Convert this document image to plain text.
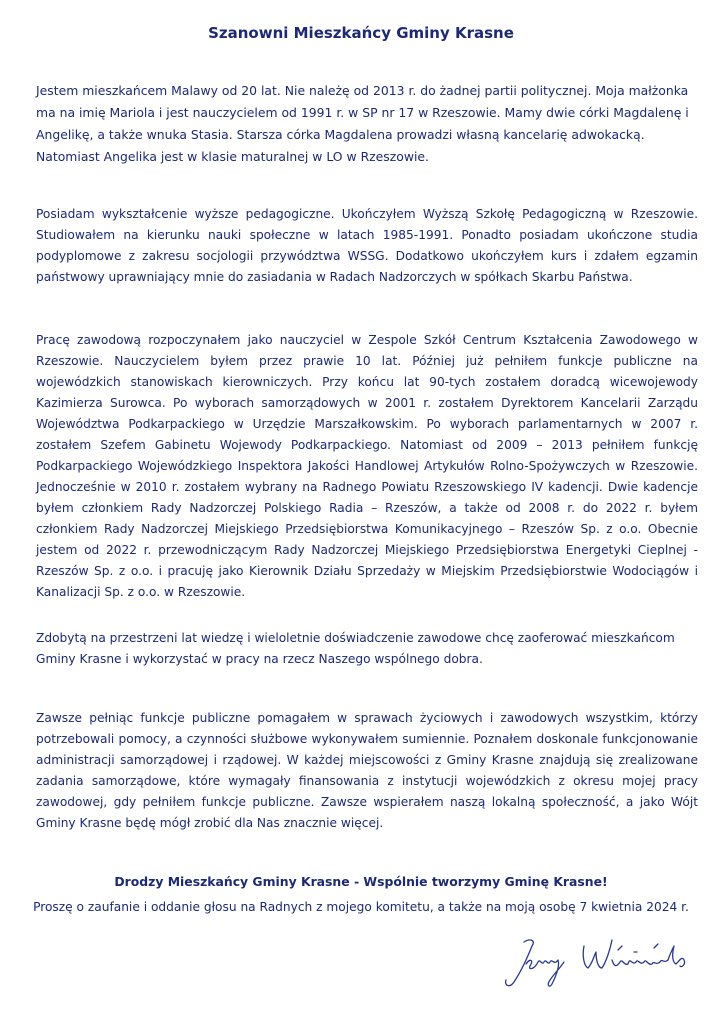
Szanowni Mieszkańcy Gminy Krasne

Jestem mieszkańcem Malawy od 20 lat. Nie należę od 2013 r. do żadnej partii politycznej. Moja małżonka ma na imię Mariola i jest nauczycielem od 1991 r. w SP nr 17 w Rzeszowie. Mamy dwie córki Magdalenę i Angelikę, a także wnuka Stasia. Starsza córka Magdalena prowadzi własną kancelarię adwokacką. Natomiast Angelika jest w klasie maturalnej w LO w Rzeszowie.

Posiadam wykształcenie wyższe pedagogiczne. Ukończyłem Wyższą Szkołę Pedagogiczną w Rzeszowie. Studiowałem na kierunku nauki społeczne w latach 1985-1991. Ponadto posiadam ukończone studia podyplomowe z zakresu socjologii przywództwa WSSG. Dodatkowo ukończyłem kurs i zdałem egzamin państwowy uprawniający mnie do zasiadania w Radach Nadzorczych w spółkach Skarbu Państwa.

Pracę zawodową rozpoczynałem jako nauczyciel w Zespole Szkół Centrum Kształcenia Zawodowego w Rzeszowie. Nauczycielem byłem przez prawie 10 lat. Później już pełniłem funkcje publiczne na wojewódzkich stanowiskach kierowniczych. Przy końcu lat 90-tych zostałem doradcą wicewojewody Kazimierza Surowca. Po wyborach samorządowych w 2001 r. zostałem Dyrektorem Kancelarii Zarządu Województwa Podkarpackiego w Urzędzie Marszałkowskim. Po wyborach parlamentarnych w 2007 r. zostałem Szefem Gabinetu Wojewody Podkarpackiego. Natomiast od 2009 – 2013 pełniłem funkcję Podkarpackiego Wojewódzkiego Inspektora Jakości Handlowej Artykułów Rolno-Spożywczych w Rzeszowie. Jednocześnie w 2010 r. zostałem wybrany na Radnego Powiatu Rzeszowskiego IV kadencji. Dwie kadencje byłem członkiem Rady Nadzorczej Polskiego Radia – Rzeszów, a także od 2008 r. do 2022 r. byłem członkiem Rady Nadzorczej Miejskiego Przedsiębiorstwa Komunikacyjnego – Rzeszów Sp. z o.o. Obecnie jestem od 2022 r. przewodniczącym Rady Nadzorczej Miejskiego Przedsiębiorstwa Energetyki Cieplnej - Rzeszów Sp. z o.o. i pracuję jako Kierownik Działu Sprzedaży w Miejskim Przedsiębiorstwie Wodociągów i Kanalizacji Sp. z o.o. w Rzeszowie.

Zdobytą na przestrzeni lat wiedzę i wieloletnie doświadczenie zawodowe chcę zaoferować mieszkańcom Gminy Krasne i wykorzystać w pracy na rzecz Naszego wspólnego dobra.

Zawsze pełniąc funkcje publiczne pomagałem w sprawach życiowych i zawodowych wszystkim, którzy potrzebowali pomocy, a czynności służbowe wykonywałem sumiennie. Poznałem doskonale funkcjonowanie administracji samorządowej i rządowej. W każdej miejscowości z Gminy Krasne znajdują się zrealizowane zadania samorządowe, które wymagały finansowania z instytucji wojewódzkich z okresu mojej pracy zawodowej, gdy pełniłem funkcje publiczne. Zawsze wspierałem naszą lokalną społeczność, a jako Wójt Gminy Krasne będę mógł zrobić dla Nas znacznie więcej.

Drodzy Mieszkańcy Gminy Krasne - Wspólnie tworzymy Gminę Krasne!

Proszę o zaufanie i oddanie głosu na Radnych z mojego komitetu, a także na moją osobę 7 kwietnia 2024 r.
